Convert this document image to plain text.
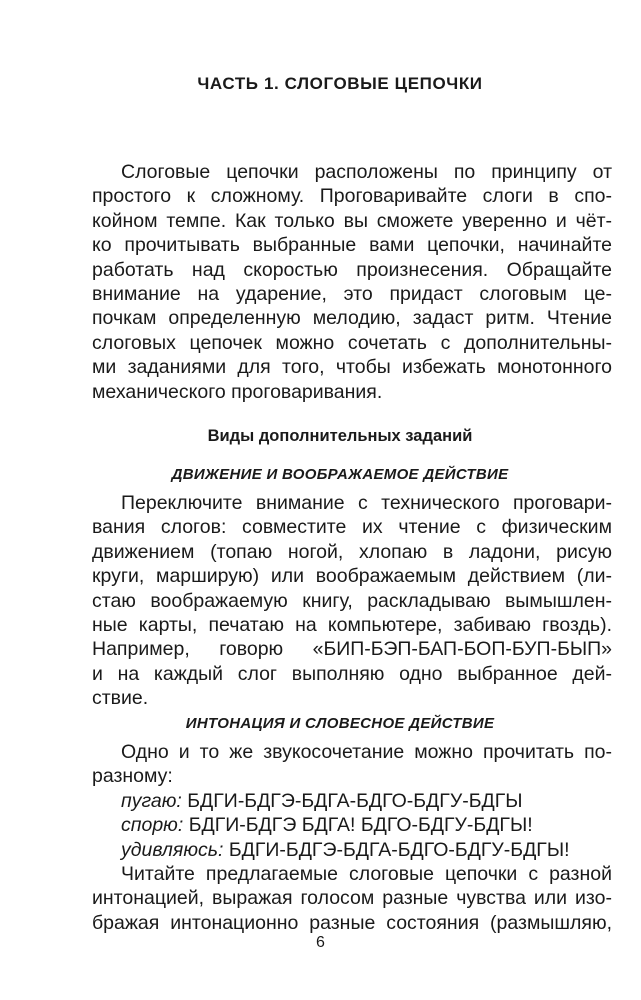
ЧАСТЬ 1. СЛОГОВЫЕ ЦЕПОЧКИ
Слоговые цепочки расположены по принципу от
простого к сложному. Проговаривайте слоги в спо-
койном темпе. Как только вы сможете уверенно и чёт-
ко прочитывать выбранные вами цепочки, начинайте
работать над скоростью произнесения. Обращайте
внимание на ударение, это придаст слоговым це-
почкам определенную мелодию, задаст ритм. Чтение
слоговых цепочек можно сочетать с дополнительны-
ми заданиями для того, чтобы избежать монотонного
механического проговаривания.
Виды дополнительных заданий
ДВИЖЕНИЕ И ВООБРАЖАЕМОЕ ДЕЙСТВИЕ
Переключите внимание с технического проговари-
вания слогов: совместите их чтение с физическим
движением (топаю ногой, хлопаю в ладони, рисую
круги, марширую) или воображаемым действием (ли-
стаю воображаемую книгу, раскладываю вымышлен-
ные карты, печатаю на компьютере, забиваю гвоздь).
Например, говорю «БИП-БЭП-БАП-БОП-БУП-БЫП»
и на каждый слог выполняю одно выбранное дей-
ствие.
ИНТОНАЦИЯ И СЛОВЕСНОЕ ДЕЙСТВИЕ
Одно и то же звукосочетание можно прочитать по-
разному:
пугаю: БДГИ-БДГЭ-БДГА-БДГО-БДГУ-БДГЫ
спорю: БДГИ-БДГЭ БДГА! БДГО-БДГУ-БДГЫ!
удивляюсь: БДГИ-БДГЭ-БДГА-БДГО-БДГУ-БДГЫ!
Читайте предлагаемые слоговые цепочки с разной
интонацией, выражая голосом разные чувства или изо-
бражая интонационно разные состояния (размышляю,

6
